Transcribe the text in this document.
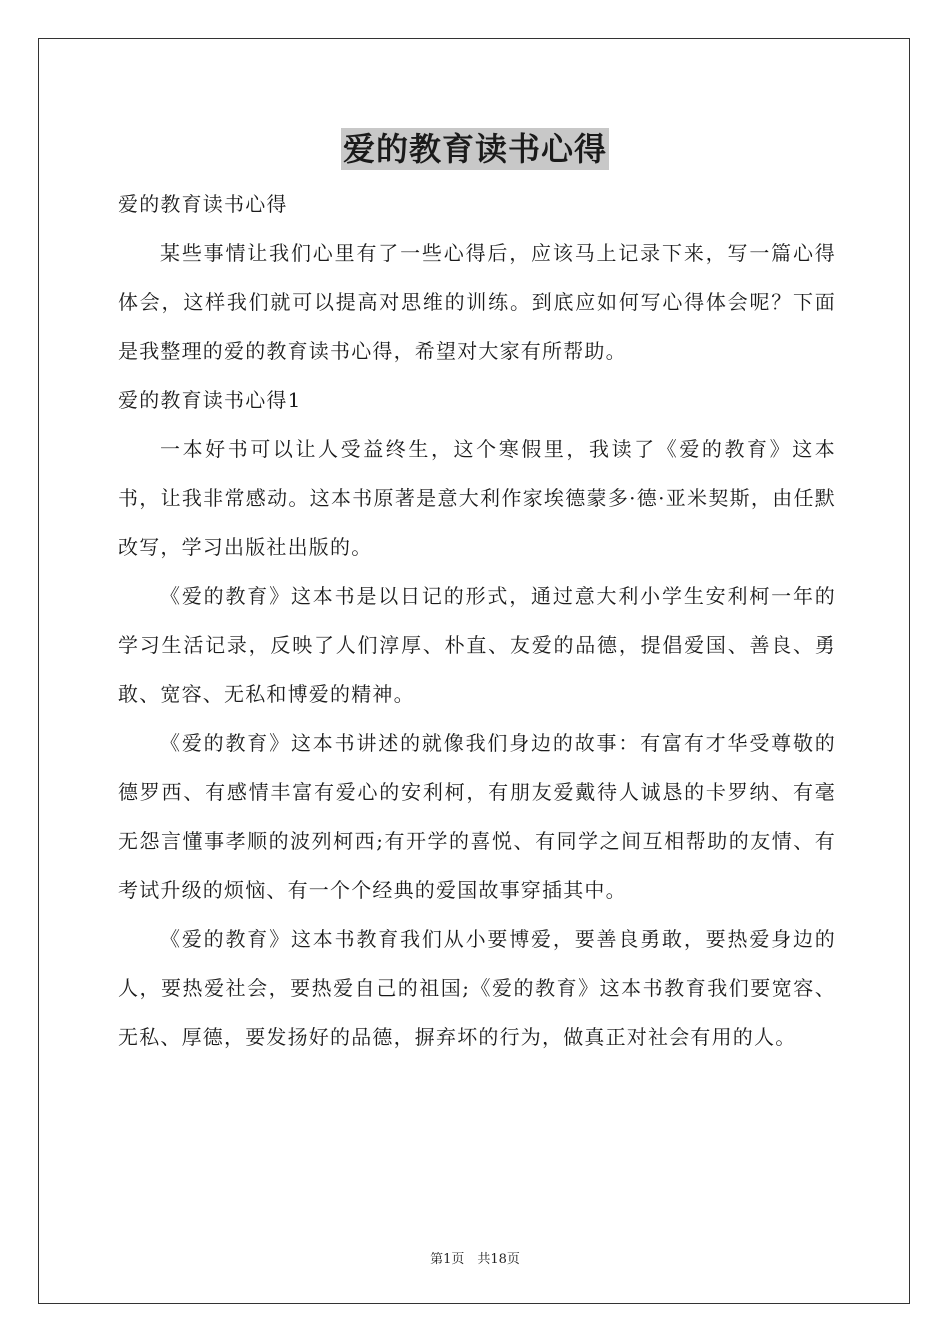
爱的教育读书心得

爱的教育读书心得

某些事情让我们心里有了一些心得后，应该马上记录下来，写一篇心得体会，这样我们就可以提高对思维的训练。到底应如何写心得体会呢？下面是我整理的爱的教育读书心得，希望对大家有所帮助。

爱的教育读书心得1

一本好书可以让人受益终生，这个寒假里，我读了《爱的教育》这本书，让我非常感动。这本书原著是意大利作家埃德蒙多·德·亚米契斯，由任默改写，学习出版社出版的。

《爱的教育》这本书是以日记的形式，通过意大利小学生安利柯一年的学习生活记录，反映了人们淳厚、朴直、友爱的品德，提倡爱国、善良、勇敢、宽容、无私和博爱的精神。

《爱的教育》这本书讲述的就像我们身边的故事：有富有才华受尊敬的德罗西、有感情丰富有爱心的安利柯，有朋友爱戴待人诚恳的卡罗纳、有毫无怨言懂事孝顺的波列柯西;有开学的喜悦、有同学之间互相帮助的友情、有考试升级的烦恼、有一个个经典的爱国故事穿插其中。

《爱的教育》这本书教育我们从小要博爱，要善良勇敢，要热爱身边的人，要热爱社会，要热爱自己的祖国;《爱的教育》这本书教育我们要宽容、无私、厚德，要发扬好的品德，摒弃坏的行为，做真正对社会有用的人。

第1页　共18页
